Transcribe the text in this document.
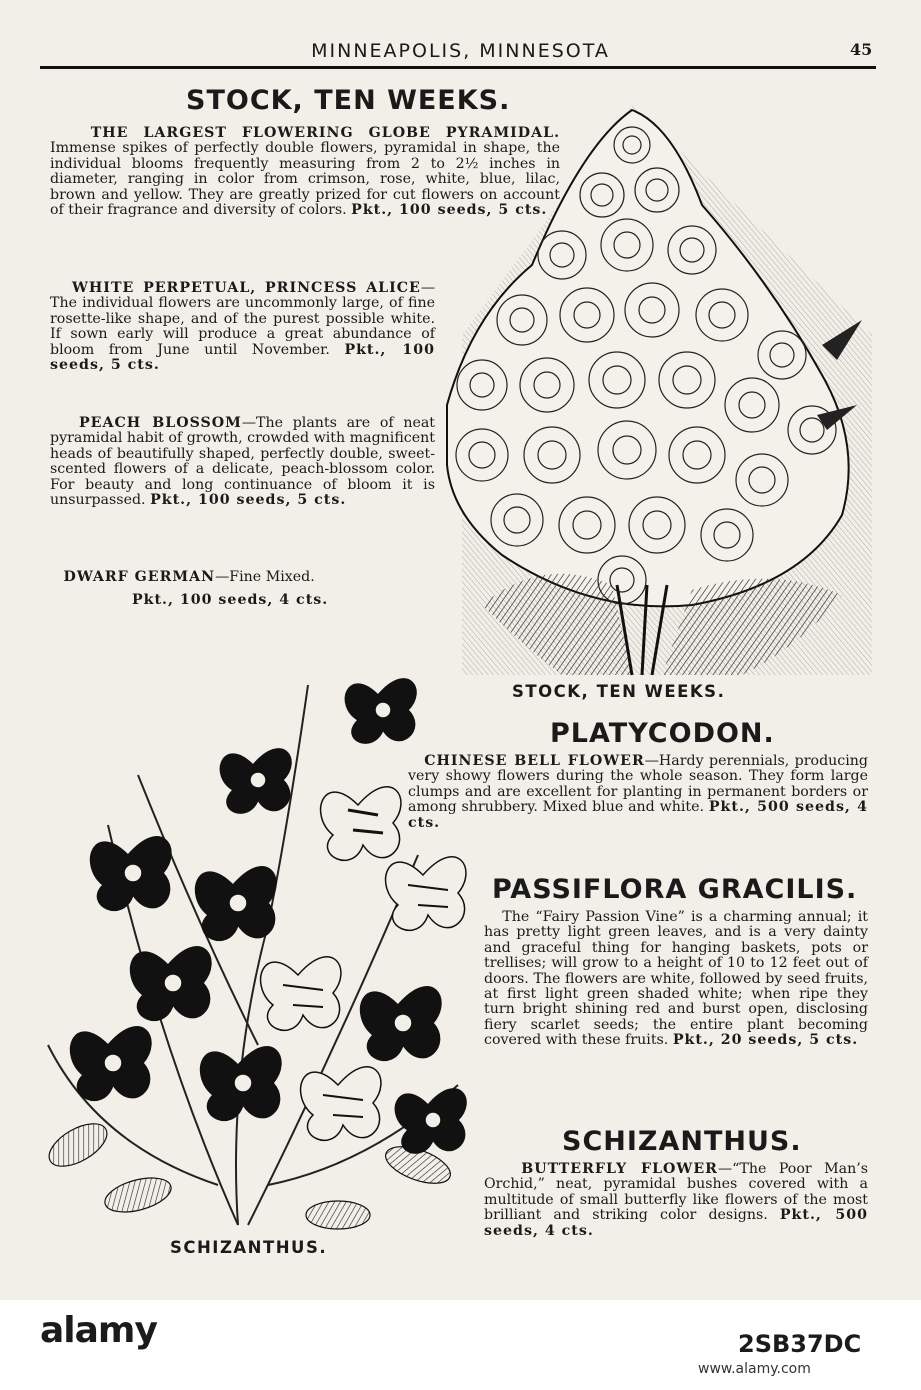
MINNEAPOLIS, MINNESOTA	45
STOCK, TEN WEEKS.
THE LARGEST FLOWERING GLOBE PYRAMIDAL. Immense spikes of perfectly double flowers, pyramidal in shape, the individual blooms frequently measuring from 2 to 2½ inches in diameter, ranging in color from crimson, rose, white, blue, lilac, brown and yellow. They are greatly prized for cut flowers on account of their fragrance and diversity of colors. Pkt., 100 seeds, 5 cts.
WHITE PERPETUAL, PRINCESS ALICE—The individual flowers are uncommonly large, of fine rosette-like shape, and of the purest possible white. If sown early will produce a great abundance of bloom from June until November. Pkt., 100 seeds, 5 cts.
PEACH BLOSSOM—The plants are of neat pyramidal habit of growth, crowded with magnificent heads of beautifully shaped, perfectly double, sweet-scented flowers of a delicate, peach-blossom color. For beauty and long continuance of bloom it is unsurpassed. Pkt., 100 seeds, 5 cts.
DWARF GERMAN—Fine Mixed.
Pkt., 100 seeds, 4 cts.
STOCK, TEN WEEKS.
PLATYCODON.
CHINESE BELL FLOWER—Hardy perennials, producing very showy flowers during the whole season. They form large clumps and are excellent for planting in permanent borders or among shrubbery. Mixed blue and white. Pkt., 500 seeds, 4 cts.
PASSIFLORA GRACILIS.
The “Fairy Passion Vine” is a charming annual; it has pretty light green leaves, and is a very dainty and graceful thing for hanging baskets, pots or trellises; will grow to a height of 10 to 12 feet out of doors. The flowers are white, followed by seed fruits, at first light green shaded white; when ripe they turn bright shining red and burst open, disclosing fiery scarlet seeds; the entire plant becoming covered with these fruits. Pkt., 20 seeds, 5 cts.
SCHIZANTHUS.
BUTTERFLY FLOWER—“The Poor Man’s Orchid,” neat, pyramidal bushes covered with a multitude of small butterfly like flowers of the most brilliant and striking color designs. Pkt., 500 seeds, 4 cts.
SCHIZANTHUS.
alamy	2SB37DC
www.alamy.com
